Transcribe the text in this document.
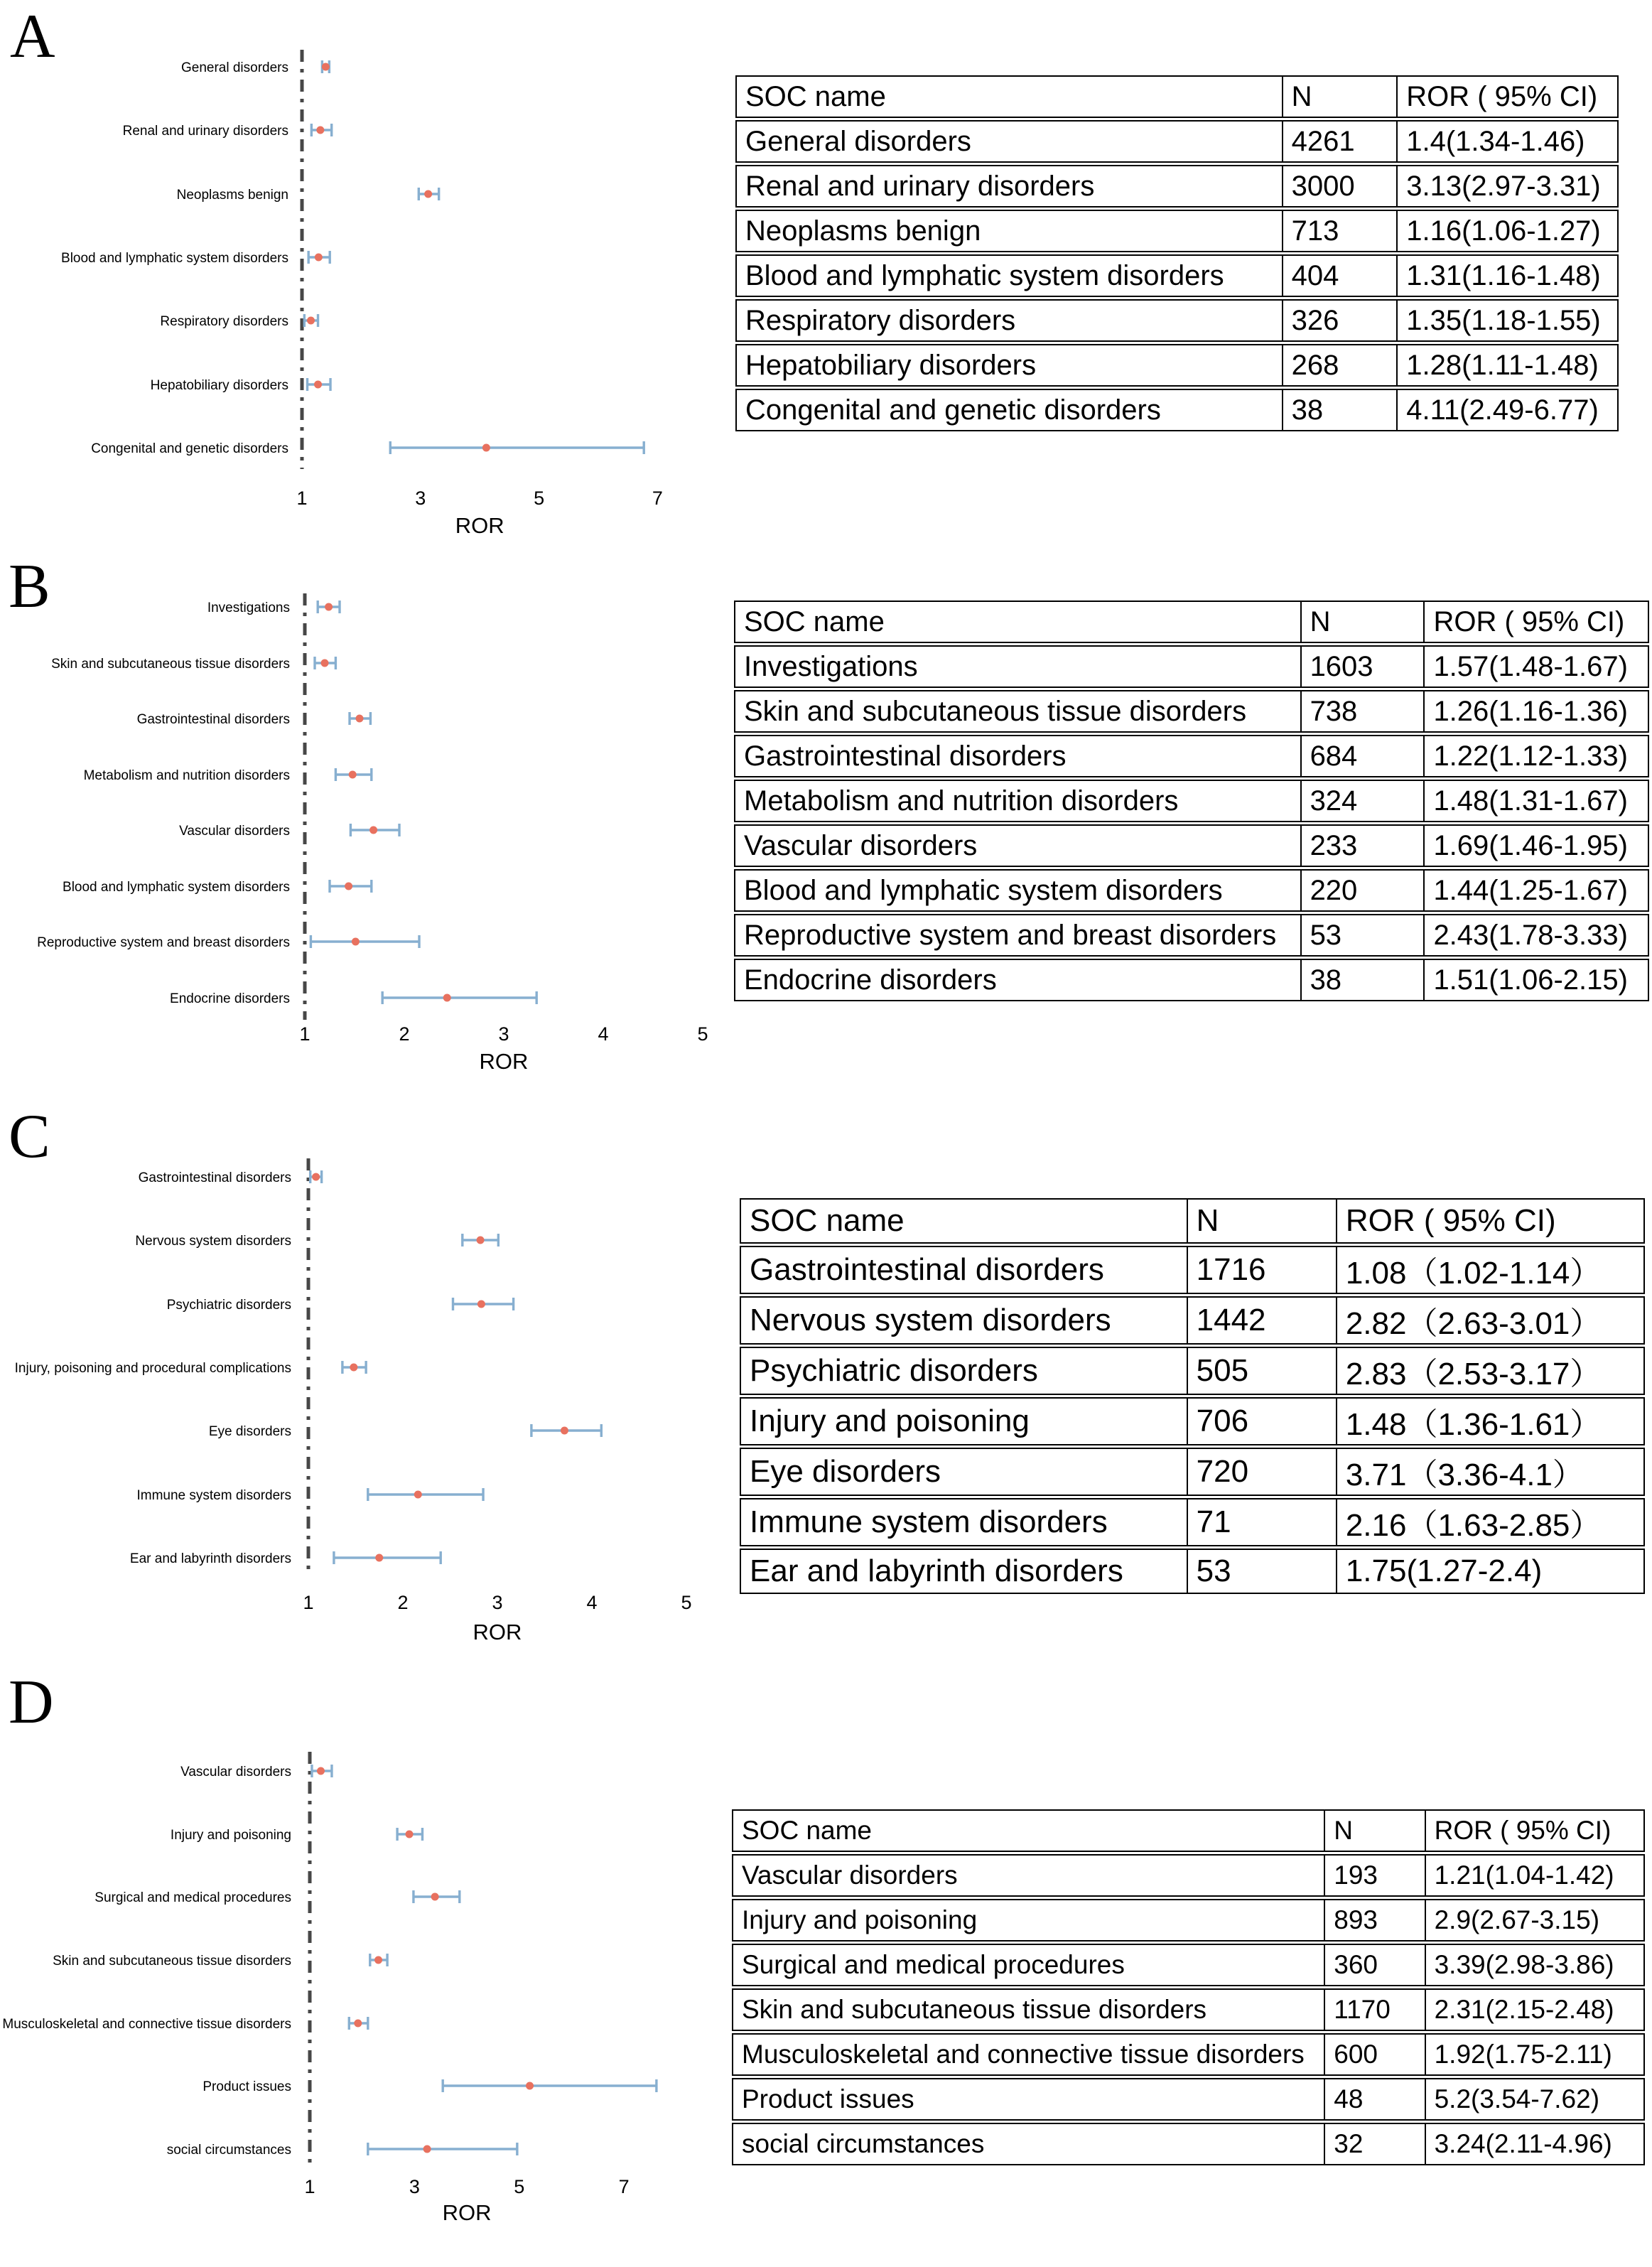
A	General disorders
Renal and urinary disorders
Neoplasms benign
Blood and lymphatic system disorders
Respiratory disorders
Hepatobiliary disorders
Congenital and genetic disorders
1	3	5	7
ROR
SOC name	N	ROR ( 95% CI)
General disorders	4261	1.4(1.34-1.46)
Renal and urinary disorders	3000	3.13(2.97-3.31)
Neoplasms benign	713	1.16(1.06-1.27)
Blood and lymphatic system disorders	404	1.31(1.16-1.48)
Respiratory disorders	326	1.35(1.18-1.55)
Hepatobiliary disorders	268	1.28(1.11-1.48)
Congenital and genetic disorders	38	4.11(2.49-6.77)
B	Investigations
Skin and subcutaneous tissue disorders
Gastrointestinal disorders
Metabolism and nutrition disorders
Vascular disorders
Blood and lymphatic system disorders
Reproductive system and breast disorders
Endocrine disorders
1	2	3	4	5
ROR
SOC name	N	ROR ( 95% CI)
Investigations	1603	1.57(1.48-1.67)
Skin and subcutaneous tissue disorders	738	1.26(1.16-1.36)
Gastrointestinal disorders	684	1.22(1.12-1.33)
Metabolism and nutrition disorders	324	1.48(1.31-1.67)
Vascular disorders	233	1.69(1.46-1.95)
Blood and lymphatic system disorders	220	1.44(1.25-1.67)
Reproductive system and breast disorders	53	2.43(1.78-3.33)
Endocrine disorders	38	1.51(1.06-2.15)
C
Gastrointestinal disorders
Nervous system disorders
Psychiatric disorders
Injury, poisoning and procedural complications
Eye disorders
Immune system disorders
Ear and labyrinth disorders
1	2	3	4	5
ROR
SOC name	N	ROR ( 95% CI)
Gastrointestinal disorders	1716	1.08（1.02-1.14）
Nervous system disorders	1442	2.82（2.63-3.01）
Psychiatric disorders	505	2.83（2.53-3.17）
Injury and poisoning	706	1.48（1.36-1.61）
Eye disorders	720	3.71（3.36-4.1）
Immune system disorders	71	2.16（1.63-2.85）
Ear and labyrinth disorders	53	1.75(1.27-2.4)
D
Vascular disorders
Injury and poisoning
Surgical and medical procedures
Skin and subcutaneous tissue disorders
Musculoskeletal and connective tissue disorders
Product issues
social circumstances
1	3	5	7
ROR
SOC name	N	ROR ( 95% CI)
Vascular disorders	193	1.21(1.04-1.42)
Injury and poisoning	893	2.9(2.67-3.15)
Surgical and medical procedures	360	3.39(2.98-3.86)
Skin and subcutaneous tissue disorders	1170	2.31(2.15-2.48)
Musculoskeletal and connective tissue disorders	600	1.92(1.75-2.11)
Product issues	48	5.2(3.54-7.62)
social circumstances	32	3.24(2.11-4.96)
